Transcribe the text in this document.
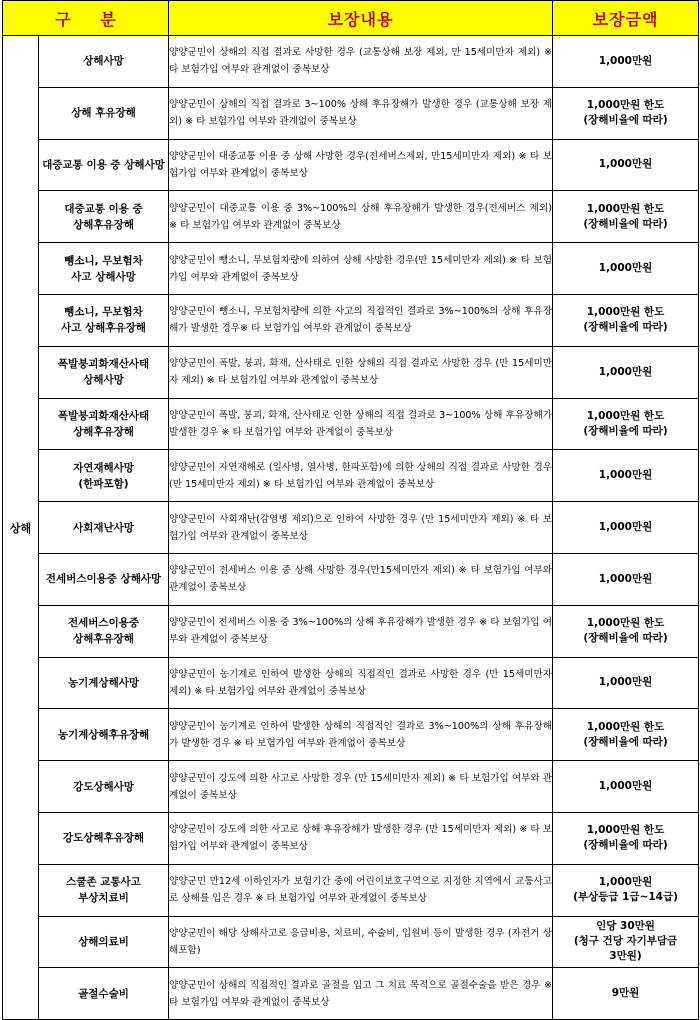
구 분		보장내용	보장금액
상해	상해사망	양양군민이 상해의 직접 결과로 사망한 경우 (교통상해 보장 제외, 만 15세미만자 제외) ※ 타 보험가입 여부와 관계없이 중복보상	1,000만원

	상해 후유장해	양양군민이 상해의 직접 결과로 3~100% 상해 후유장해가 발생한 경우 (교통상해 보장 제외) ※ 타 보험가입 여부와 관계없이 중복보상	1,000만원 한도
(장해비율에 따라)

	대중교통 이용 중 상해사망	양양군민이 대중교통 이용 중 상해 사망한 경우(전세버스제외, 만15세미만자 제외) ※ 타 보험가입 여부와 관계없이 중복보상	1,000만원

	대중교통 이용 중
상해후유장해	양양군민이 대중교통 이용 중 3%~100%의 상해 후유장해가 발생한 경우(전세버스 제외) ※ 타 보험가입 여부와 관계없이 중복보상	1,000만원 한도
(장해비율에 따라)

	뺑소니, 무보험차
사고 상해사망	양양군민이 뺑소니, 무보험차량에 의하여 상해 사망한 경우(만 15세미만자 제외) ※ 타 보험가입 여부와 관계없이 중복보상	1,000만원

	뺑소니, 무보험차
사고 상해후유장해	양양군민이 뺑소니, 무보험차량에 의한 사고의 직접적인 결과로 3%~100%의 상해 후유장해가 발생한 경우※ 타 보험가입 여부와 관계없이 중복보상	1,000만원 한도
(장해비율에 따라)

	폭발붕괴화재산사태
상해사망	양양군민이 폭발, 붕괴, 화재, 산사태로 인한 상해의 직접 결과로 사망한 경우 (만 15세미만자 제외) ※ 타 보험가입 여부와 관계없이 중복보상	1,000만원

	폭발붕괴화재산사태
상해후유장해	양양군민이 폭발, 붕괴, 화재, 산사태로 인한 상해의 직접 결과로 3~100% 상해 후유장해가 발생한 경우 ※ 타 보험가입 여부와 관계없이 중복보상	1,000만원 한도
(장해비율에 따라)

	자연재해사망
(한파포함)	양양군민이 자연재해로 (일사병, 열사병, 한파포함)에 의한 상해의 직접 결과로 사망한 경우 (만 15세미만자 제외) ※ 타 보험가입 여부와 관계없이 중복보상	1,000만원

	사회재난사망	양양군민이 사회재난(감염병 제외)으로 인하여 사망한 경우 (만 15세미만자 제외) ※ 타 보험가입 여부와 관계없이 중복보상	1,000만원

	전세버스이용중 상해사망	양양군민이 전세버스 이용 중 상해 사망한 경우(만15세미만자 제외) ※ 타 보험가입 여부와 관계없이 중복보상	1,000만원

	전세버스이용중
상해후유장해	양양군민이 전세버스 이용 중 3%~100%의 상해 후유장해가 발생한 경우 ※ 타 보험가입 여부와 관계없이 중복보상	1,000만원 한도
(장해비율에 따라)

	농기계상해사망	양양군민이 농기계로 인하여 발생한 상해의 직접적인 결과로 사망한 경우 (만 15세미만자 제외) ※ 타 보험가입 여부와 관계없이 중복보상	1,000만원

	농기계상해후유장해	양양군민이 농기계로 인하여 발생한 상해의 직접적인 결과로 3%~100%의 상해 후유장해가 발생한 경우 ※ 타 보험가입 여부와 관계없이 중복보상	1,000만원 한도
(장해비율에 따라)

	강도상해사망	양양군민이 강도에 의한 사고로 사망한 경우 (만 15세미만자 제외) ※ 타 보험가입 여부와 관계없이 중복보상	1,000만원

	강도상해후유장해	양양군민이 강도에 의한 사고로 상해 후유장해가 발생한 경우 (만 15세미만자 제외) ※ 타 보험가입 여부와 관계없이 중복보상	1,000만원 한도
(장해비율에 따라)

	스쿨존 교통사고
부상치료비	양양군민 만12세 이하인자가 보험기간 중에 어린이보호구역으로 지정한 지역에서 교통사고로 상해를 입은 경우 ※ 타 보험가입 여부와 관계없이 중복보상	1,000만원
(부상등급 1급~14급)

	상해의료비	양양군민이 해당 상해사고로 응급비용, 치료비, 수술비, 입원비 등이 발생한 경우 (자전거 상해포함)	인당 30만원
(청구 건당 자기부담금
3만원)

	골절수술비	양양군민이 상해의 직접적인 결과로 골절을 입고 그 치료 목적으로 골절수술을 받은 경우 ※ 타 보험가입 여부와 관계없이 중복보상	9만원
